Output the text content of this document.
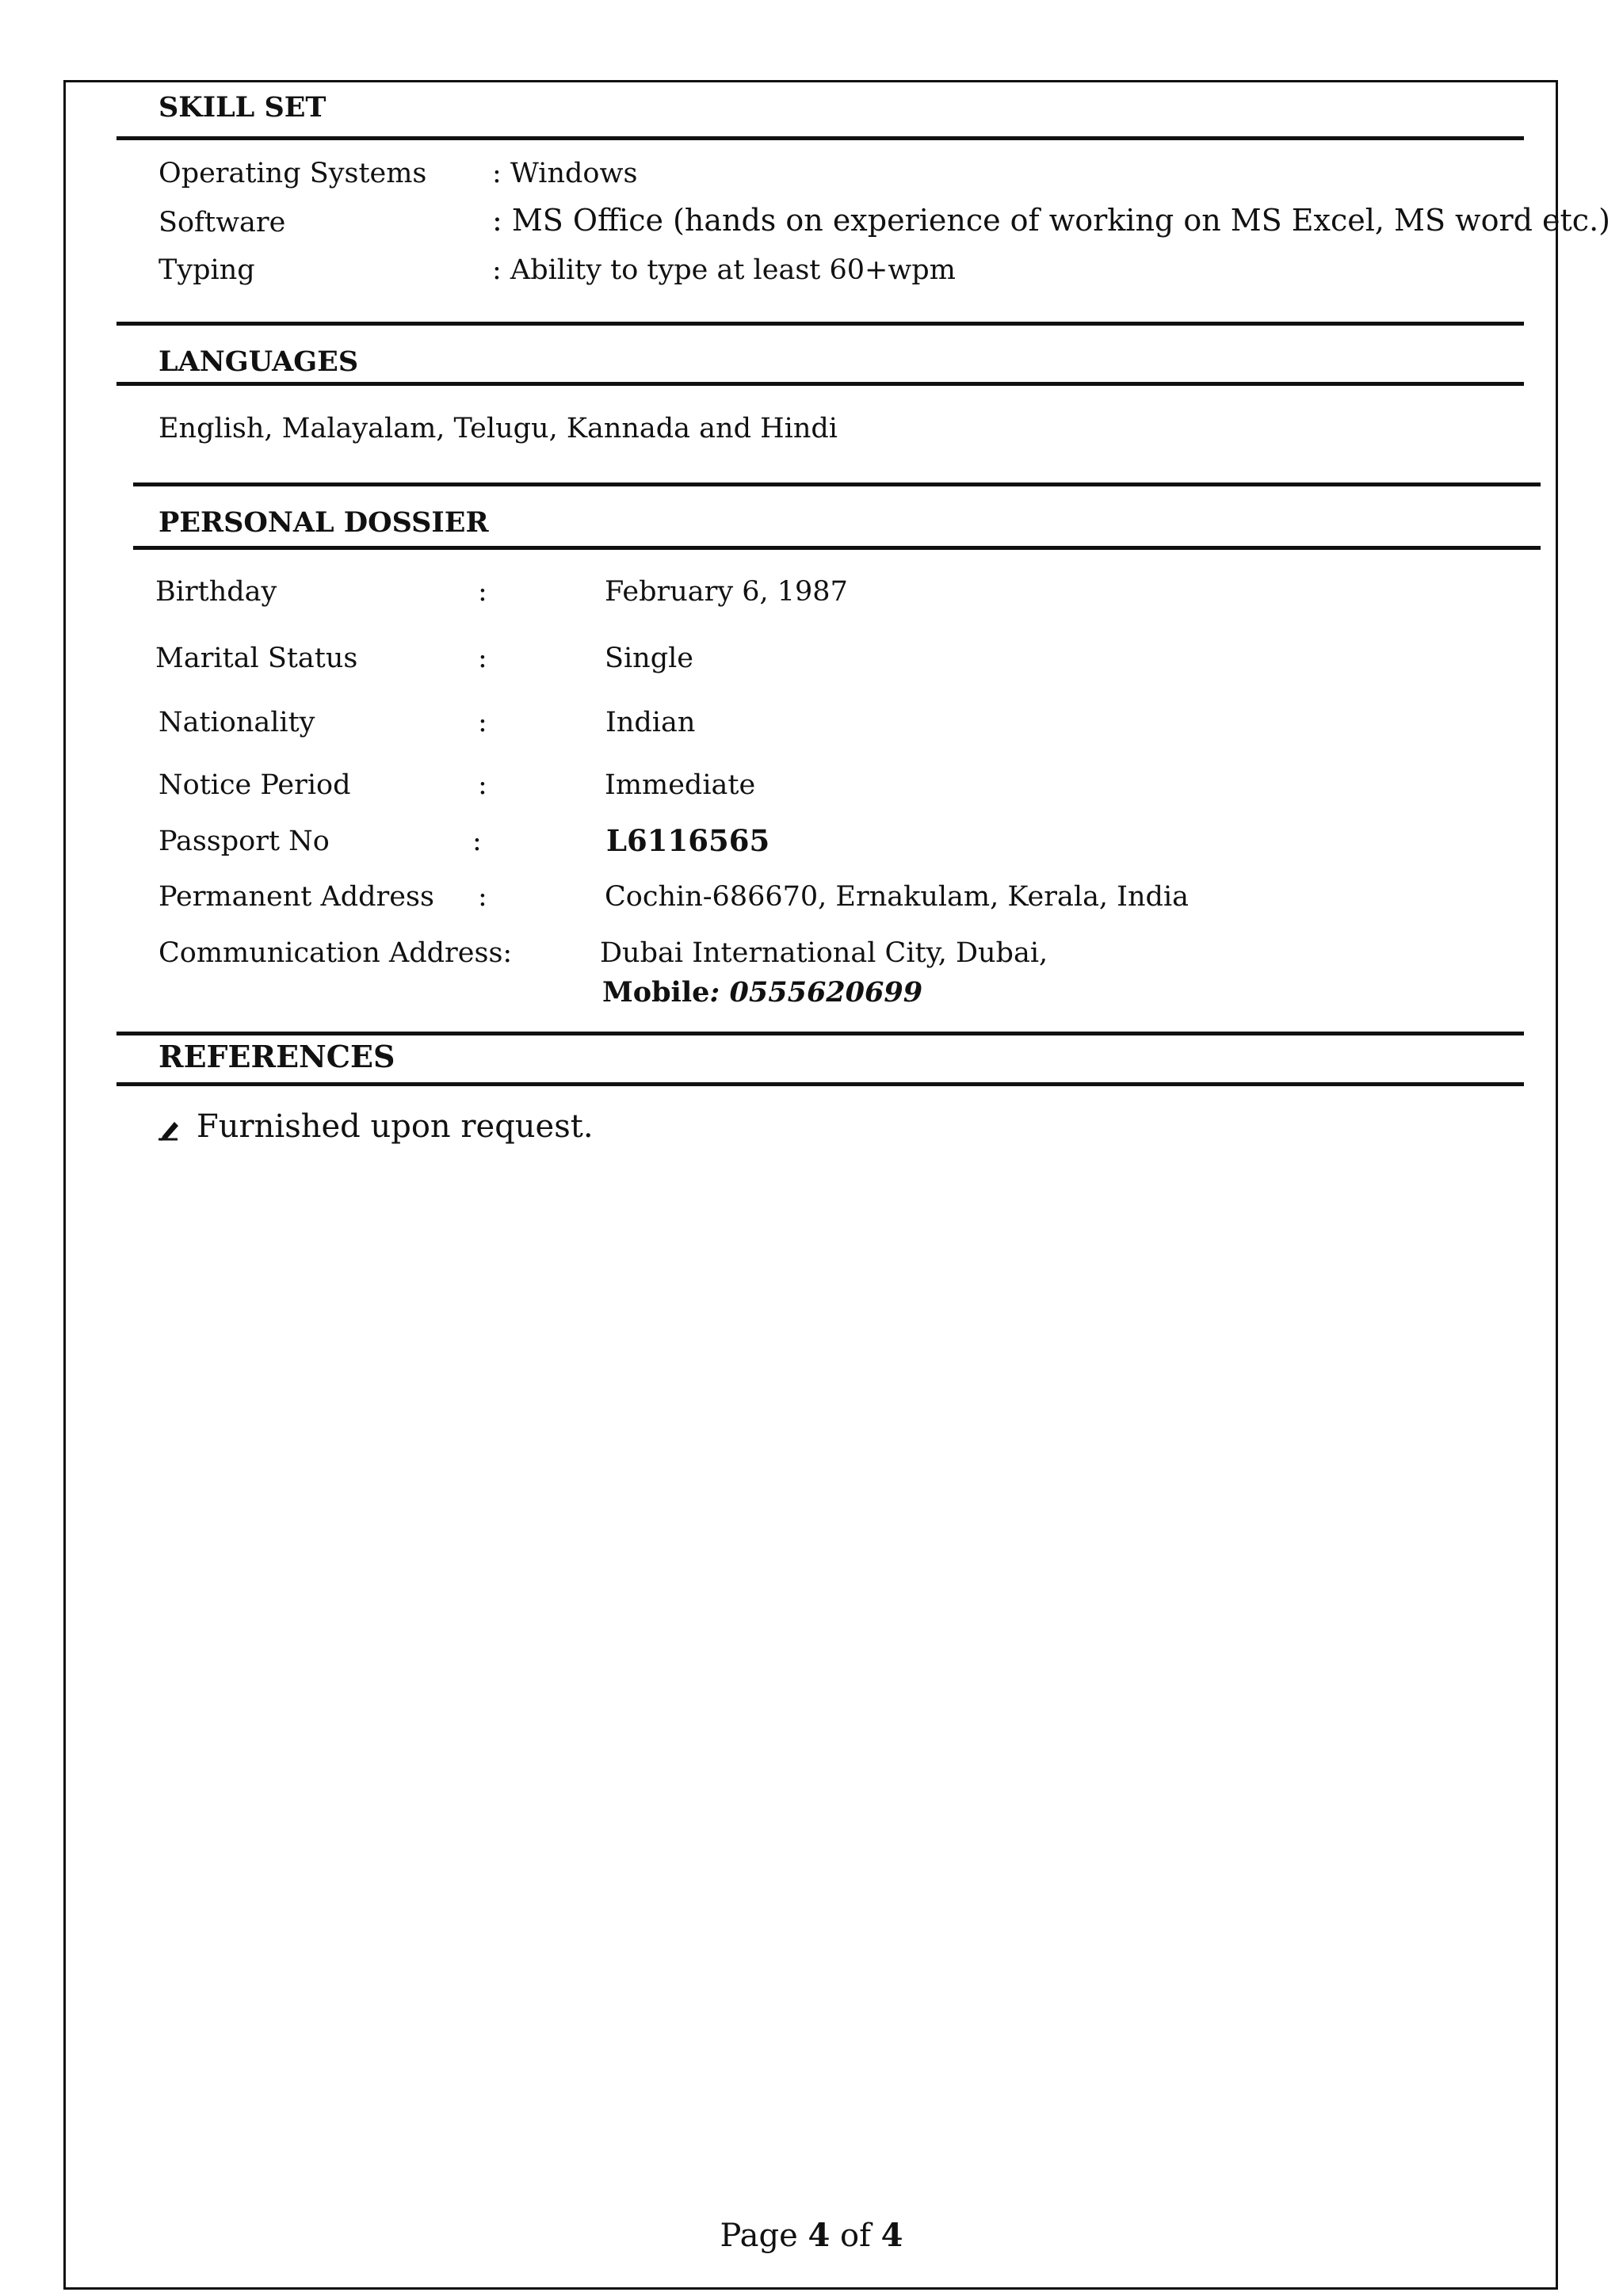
SKILL SET
Operating Systems : Windows
Software	: MS Office (hands on experience of working on MS Excel, MS word etc.)
Typing	: Ability to type at least 60+wpm
LANGUAGES
English, Malayalam, Telugu, Kannada and Hindi
PERSONAL DOSSIER
Birthday	:	February 6, 1987
Marital Status	:	Single
Nationality	:	Indian
Notice Period	:	Immediate
Passport No	:	L6116565
Permanent Address :	Cochin-686670, Ernakulam, Kerala, India
Communication Address:	Dubai International City, Dubai,
Mobile: 0555620699
REFERENCES
Furnished upon request.
Page 4 of 4
